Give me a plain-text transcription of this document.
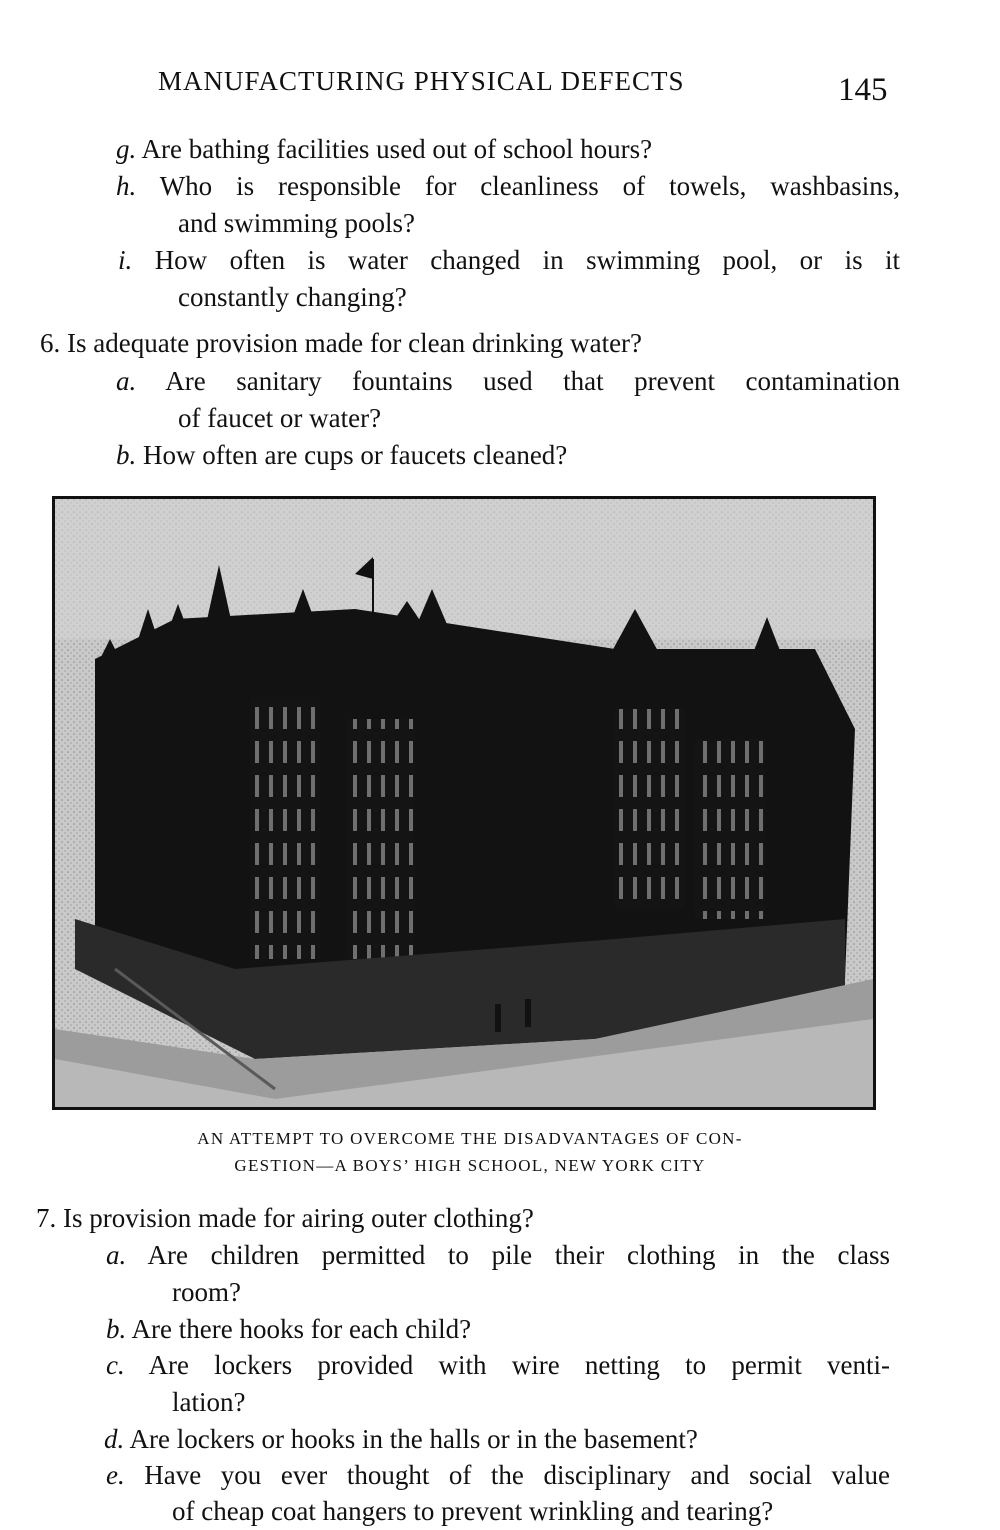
MANUFACTURING PHYSICAL DEFECTS	145
g. Are bathing facilities used out of school hours?
h. Who is responsible for cleanliness of towels, washbasins,
and swimming pools?
i. How often is water changed in swimming pool, or is it
constantly changing?
6. Is adequate provision made for clean drinking water?
a. Are sanitary fountains used that prevent contamination
of faucet or water?
b. How often are cups or faucets cleaned?
AN ATTEMPT TO OVERCOME THE DISADVANTAGES OF CON-
GESTION—A BOYS’ HIGH SCHOOL, NEW YORK CITY
7. Is provision made for airing outer clothing?
a. Are children permitted to pile their clothing in the class
room?
b. Are there hooks for each child?
c. Are lockers provided with wire netting to permit venti-
lation?
d. Are lockers or hooks in the halls or in the basement?
e. Have you ever thought of the disciplinary and social value
of cheap coat hangers to prevent wrinkling and tearing?
